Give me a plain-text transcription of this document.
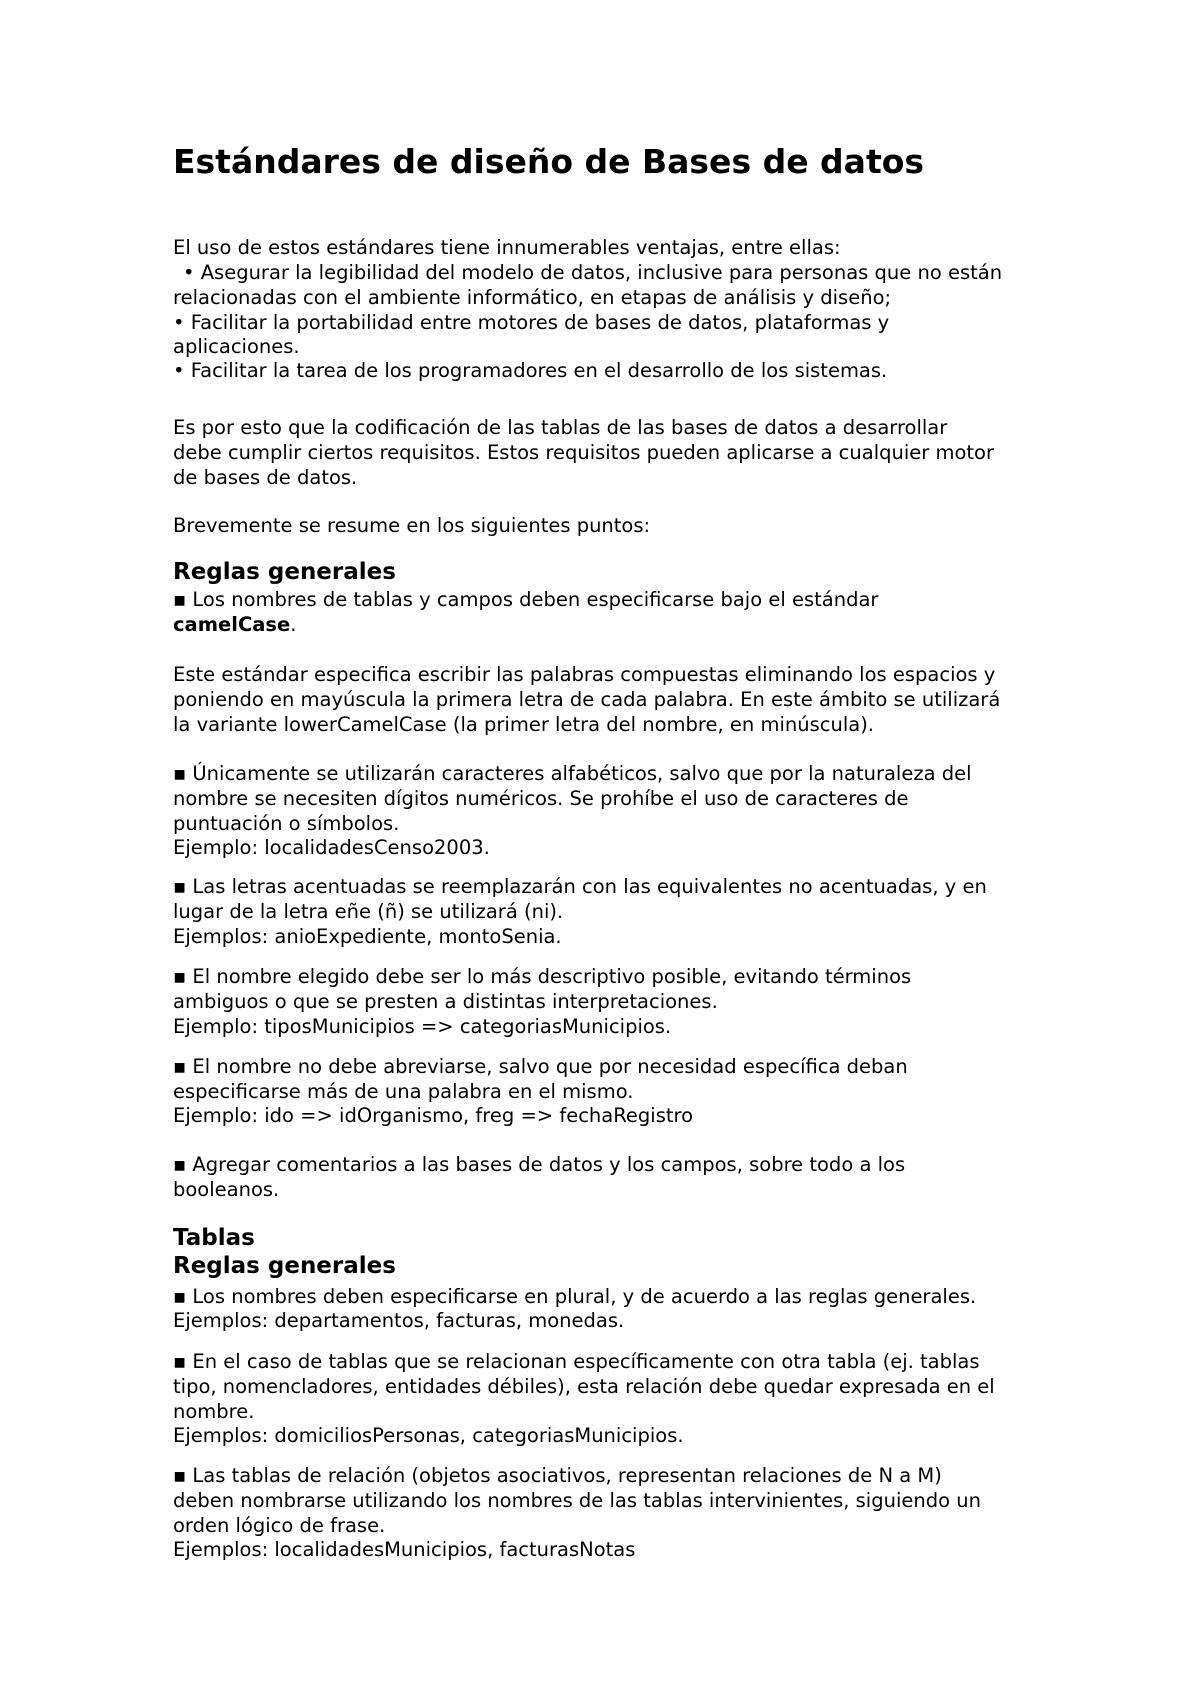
Estándares de diseño de Bases de datos

El uso de estos estándares tiene innumerables ventajas, entre ellas:

• Asegurar la legibilidad del modelo de datos, inclusive para personas que no están

relacionadas con el ambiente informático, en etapas de análisis y diseño;

• Facilitar la portabilidad entre motores de bases de datos, plataformas y

aplicaciones.

• Facilitar la tarea de los programadores en el desarrollo de los sistemas.

Es por esto que la codificación de las tablas de las bases de datos a desarrollar

debe cumplir ciertos requisitos. Estos requisitos pueden aplicarse a cualquier motor

de bases de datos.

Brevemente se resume en los siguientes puntos:

Reglas generales

▪ Los nombres de tablas y campos deben especificarse bajo el estándar

camelCase.

Este estándar especifica escribir las palabras compuestas eliminando los espacios y

poniendo en mayúscula la primera letra de cada palabra. En este ámbito se utilizará

la variante lowerCamelCase (la primer letra del nombre, en minúscula).

▪ Únicamente se utilizarán caracteres alfabéticos, salvo que por la naturaleza del

nombre se necesiten dígitos numéricos. Se prohíbe el uso de caracteres de

puntuación o símbolos.

Ejemplo: localidadesCenso2003.

▪ Las letras acentuadas se reemplazarán con las equivalentes no acentuadas, y en

lugar de la letra eñe (ñ) se utilizará (ni).

Ejemplos: anioExpediente, montoSenia.

▪ El nombre elegido debe ser lo más descriptivo posible, evitando términos

ambiguos o que se presten a distintas interpretaciones.

Ejemplo: tiposMunicipios => categoriasMunicipios.

▪ El nombre no debe abreviarse, salvo que por necesidad específica deban

especificarse más de una palabra en el mismo.

Ejemplo: ido => idOrganismo, freg => fechaRegistro

▪ Agregar comentarios a las bases de datos y los campos, sobre todo a los

booleanos.

Tablas
Reglas generales

▪ Los nombres deben especificarse en plural, y de acuerdo a las reglas generales.

Ejemplos: departamentos, facturas, monedas.

▪ En el caso de tablas que se relacionan específicamente con otra tabla (ej. tablas

tipo, nomencladores, entidades débiles), esta relación debe quedar expresada en el

nombre.

Ejemplos: domiciliosPersonas, categoriasMunicipios.

▪ Las tablas de relación (objetos asociativos, representan relaciones de N a M)

deben nombrarse utilizando los nombres de las tablas intervinientes, siguiendo un

orden lógico de frase.

Ejemplos: localidadesMunicipios, facturasNotas
